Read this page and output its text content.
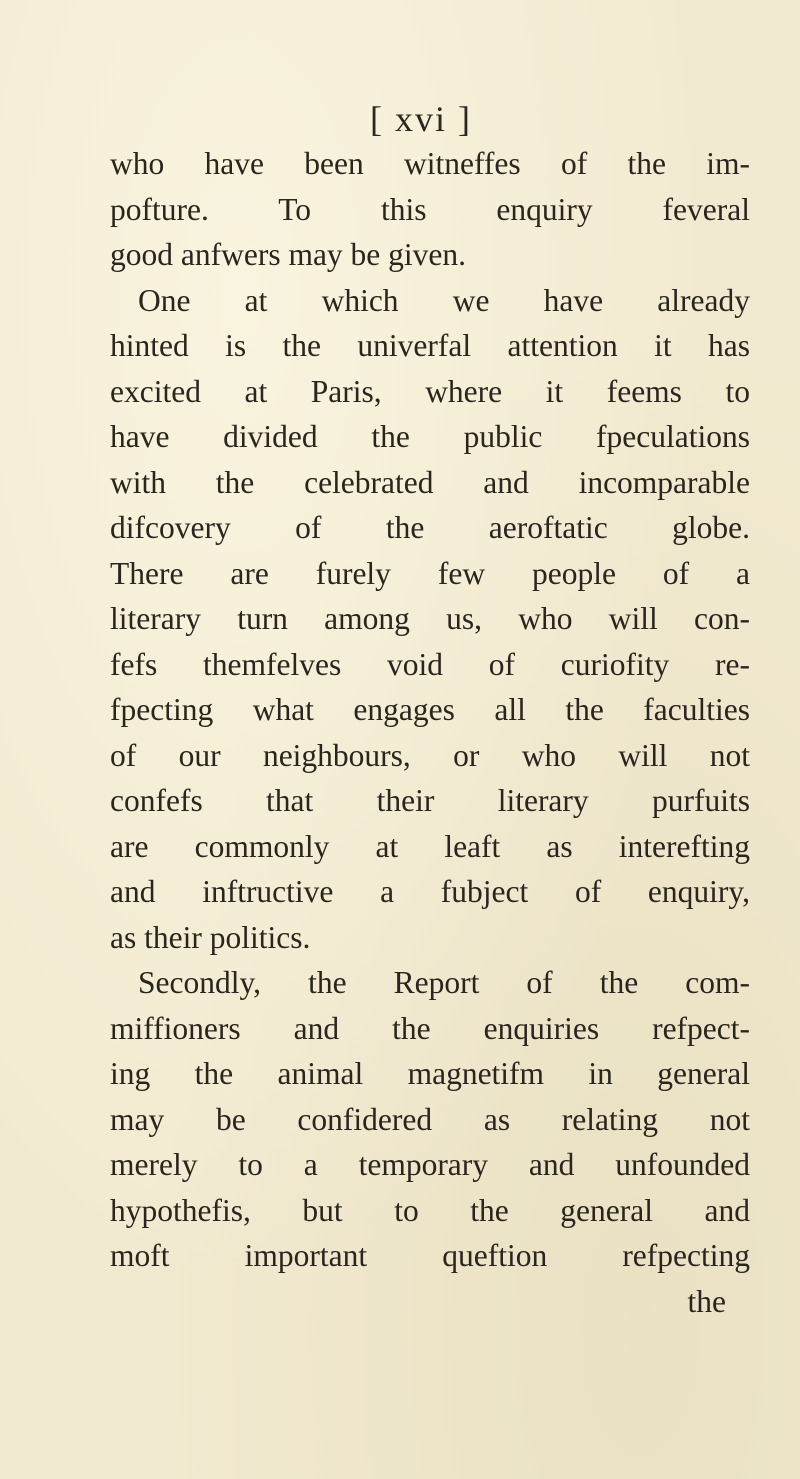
[ xvi ]
who have been witneffes of the im-
pofture. To this enquiry feveral
good anfwers may be given.
One at which we have already
hinted is the univerfal attention it has
excited at Paris, where it feems to
have divided the public fpeculations
with the celebrated and incomparable
difcovery of the aeroftatic globe.
There are furely few people of a
literary turn among us, who will con-
fefs themfelves void of curiofity re-
fpecting what engages all the faculties
of our neighbours, or who will not
confefs that their literary purfuits
are commonly at leaft as interefting
and inftructive a fubject of enquiry,
as their politics.
Secondly, the Report of the com-
miffioners and the enquiries refpect-
ing the animal magnetifm in general
may be confidered as relating not
merely to a temporary and unfounded
hypothefis, but to the general and
moft important queftion refpecting
the
